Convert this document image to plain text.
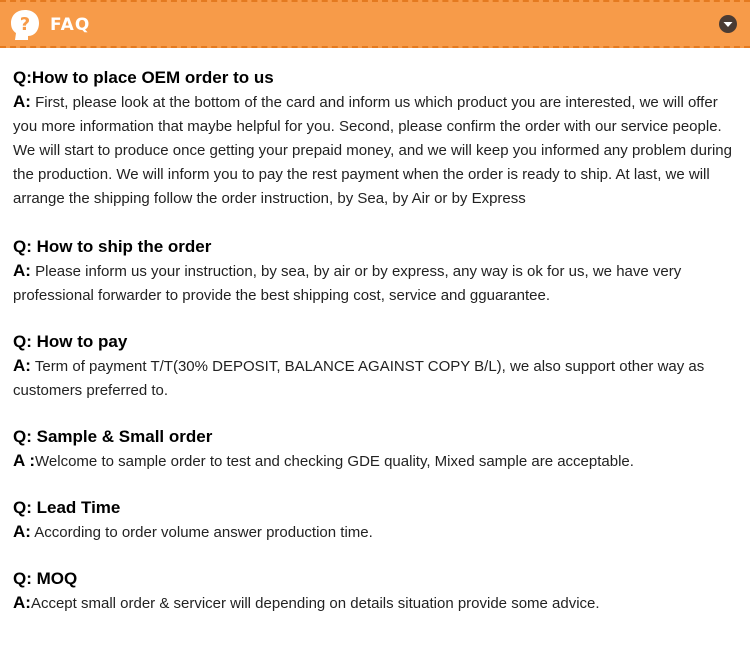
? FAQ
Q:How to place OEM order to us
A: First, please look at the bottom of the card and inform us which product you are interested, we will offer you more information that maybe helpful for you. Second, please confirm the order with our service people. We will start to produce once getting your prepaid money, and we will keep you informed any problem during the production. We will inform you to pay the rest payment when the order is ready to ship. At last, we will arrange the shipping follow the order instruction, by Sea, by Air or by Express
Q: How to ship the order
A: Please inform us your instruction, by sea, by air or by express, any way is ok for us, we have very professional forwarder to provide the best shipping cost, service and gguarantee.
Q: How to pay
A: Term of payment T/T(30% DEPOSIT, BALANCE AGAINST COPY B/L), we also support other way as customers preferred to.
Q: Sample & Small order
A :Welcome to sample order to test and checking GDE quality, Mixed sample are acceptable.
Q: Lead Time
A: According to order volume answer production time.
Q: MOQ
A:Accept small order & servicer will depending on details situation provide some advice.
